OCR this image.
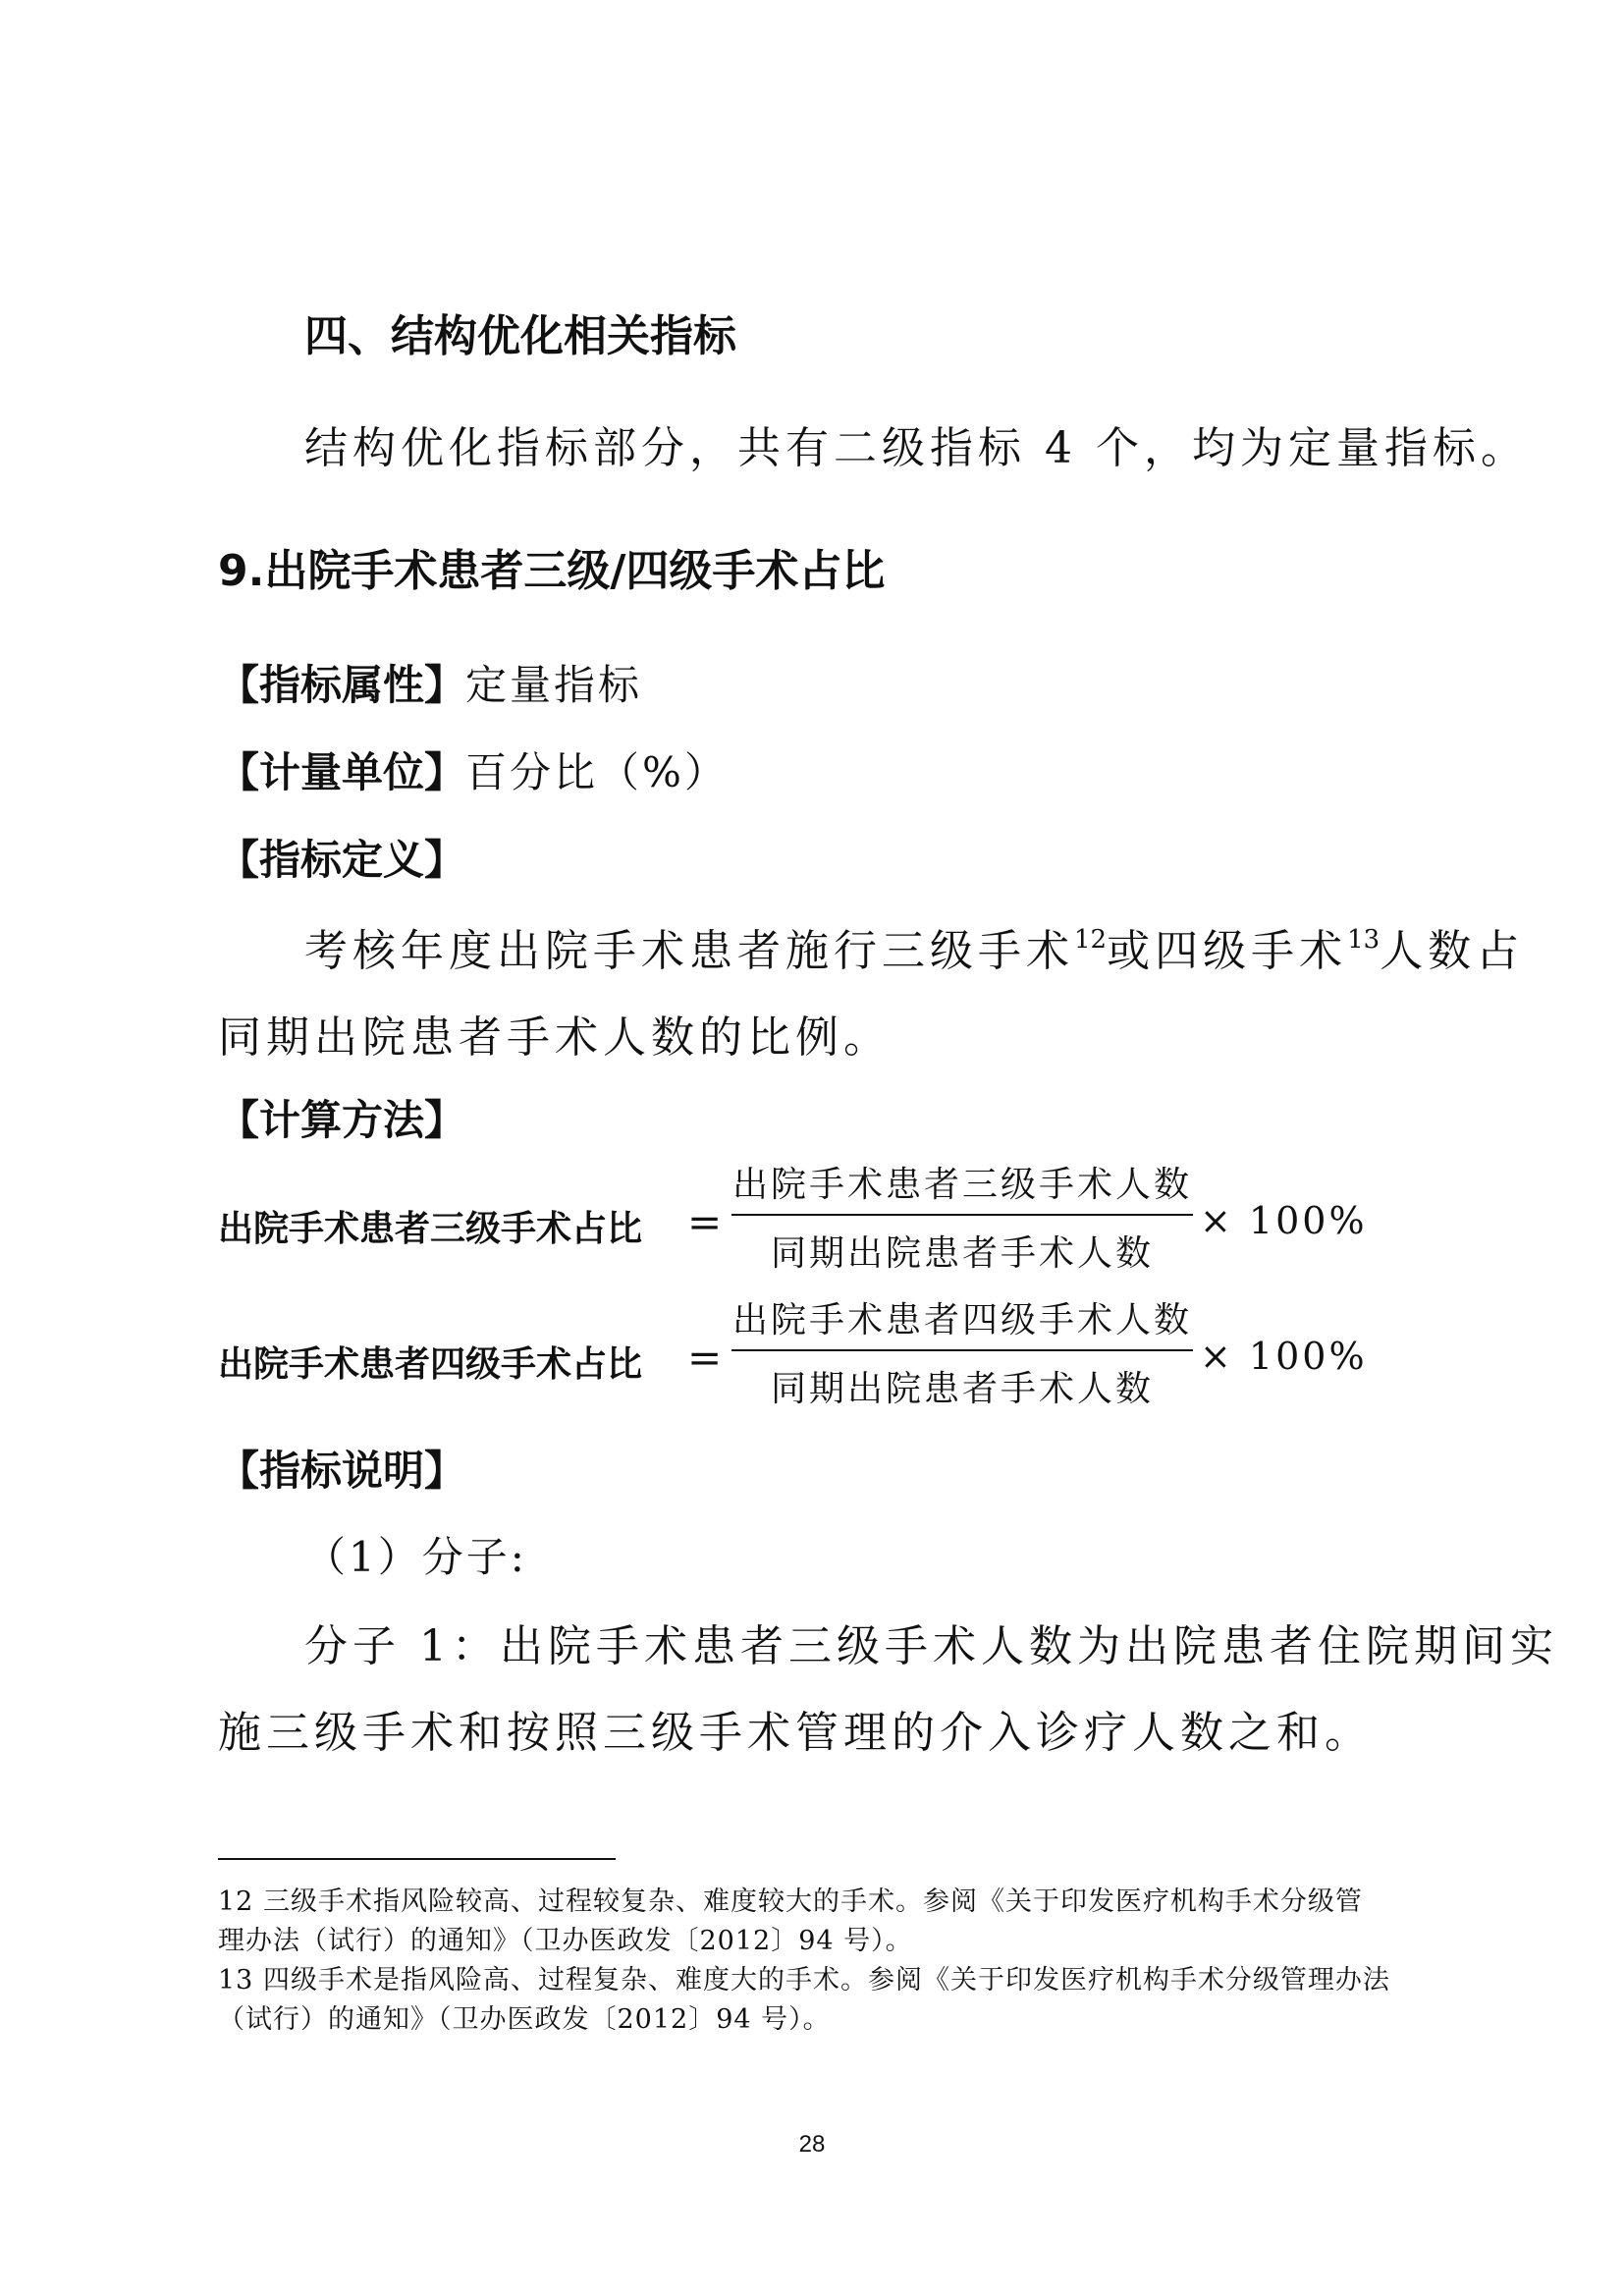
四、结构优化相关指标
结构优化指标部分，共有二级指标 4 个，均为定量指标。
9.出院手术患者三级/四级手术占比
【指标属性】定量指标
【计量单位】百分比（%）
【指标定义】
考核年度出院手术患者施行三级手术$^{12}$或四级手术$^{13}$人数占
同期出院患者手术人数的比例。
【计算方法】
出院手术患者三级手术占比 =
出院手术患者三级手术人数
同期出院患者手术人数
× 100%
出院手术患者四级手术占比 =
出院手术患者四级手术人数
同期出院患者手术人数
× 100%
【指标说明】
（1）分子:
分子 1：出院手术患者三级手术人数为出院患者住院期间实
施三级手术和按照三级手术管理的介入诊疗人数之和。
12 三级手术指风险较高、过程较复杂、难度较大的手术。参阅《关于印发医疗机构手术分级管
理办法（试行）的通知》（卫办医政发〔2012〕94 号）。
13 四级手术是指风险高、过程复杂、难度大的手术。参阅《关于印发医疗机构手术分级管理办法
（试行）的通知》（卫办医政发〔2012〕94 号）。
28
